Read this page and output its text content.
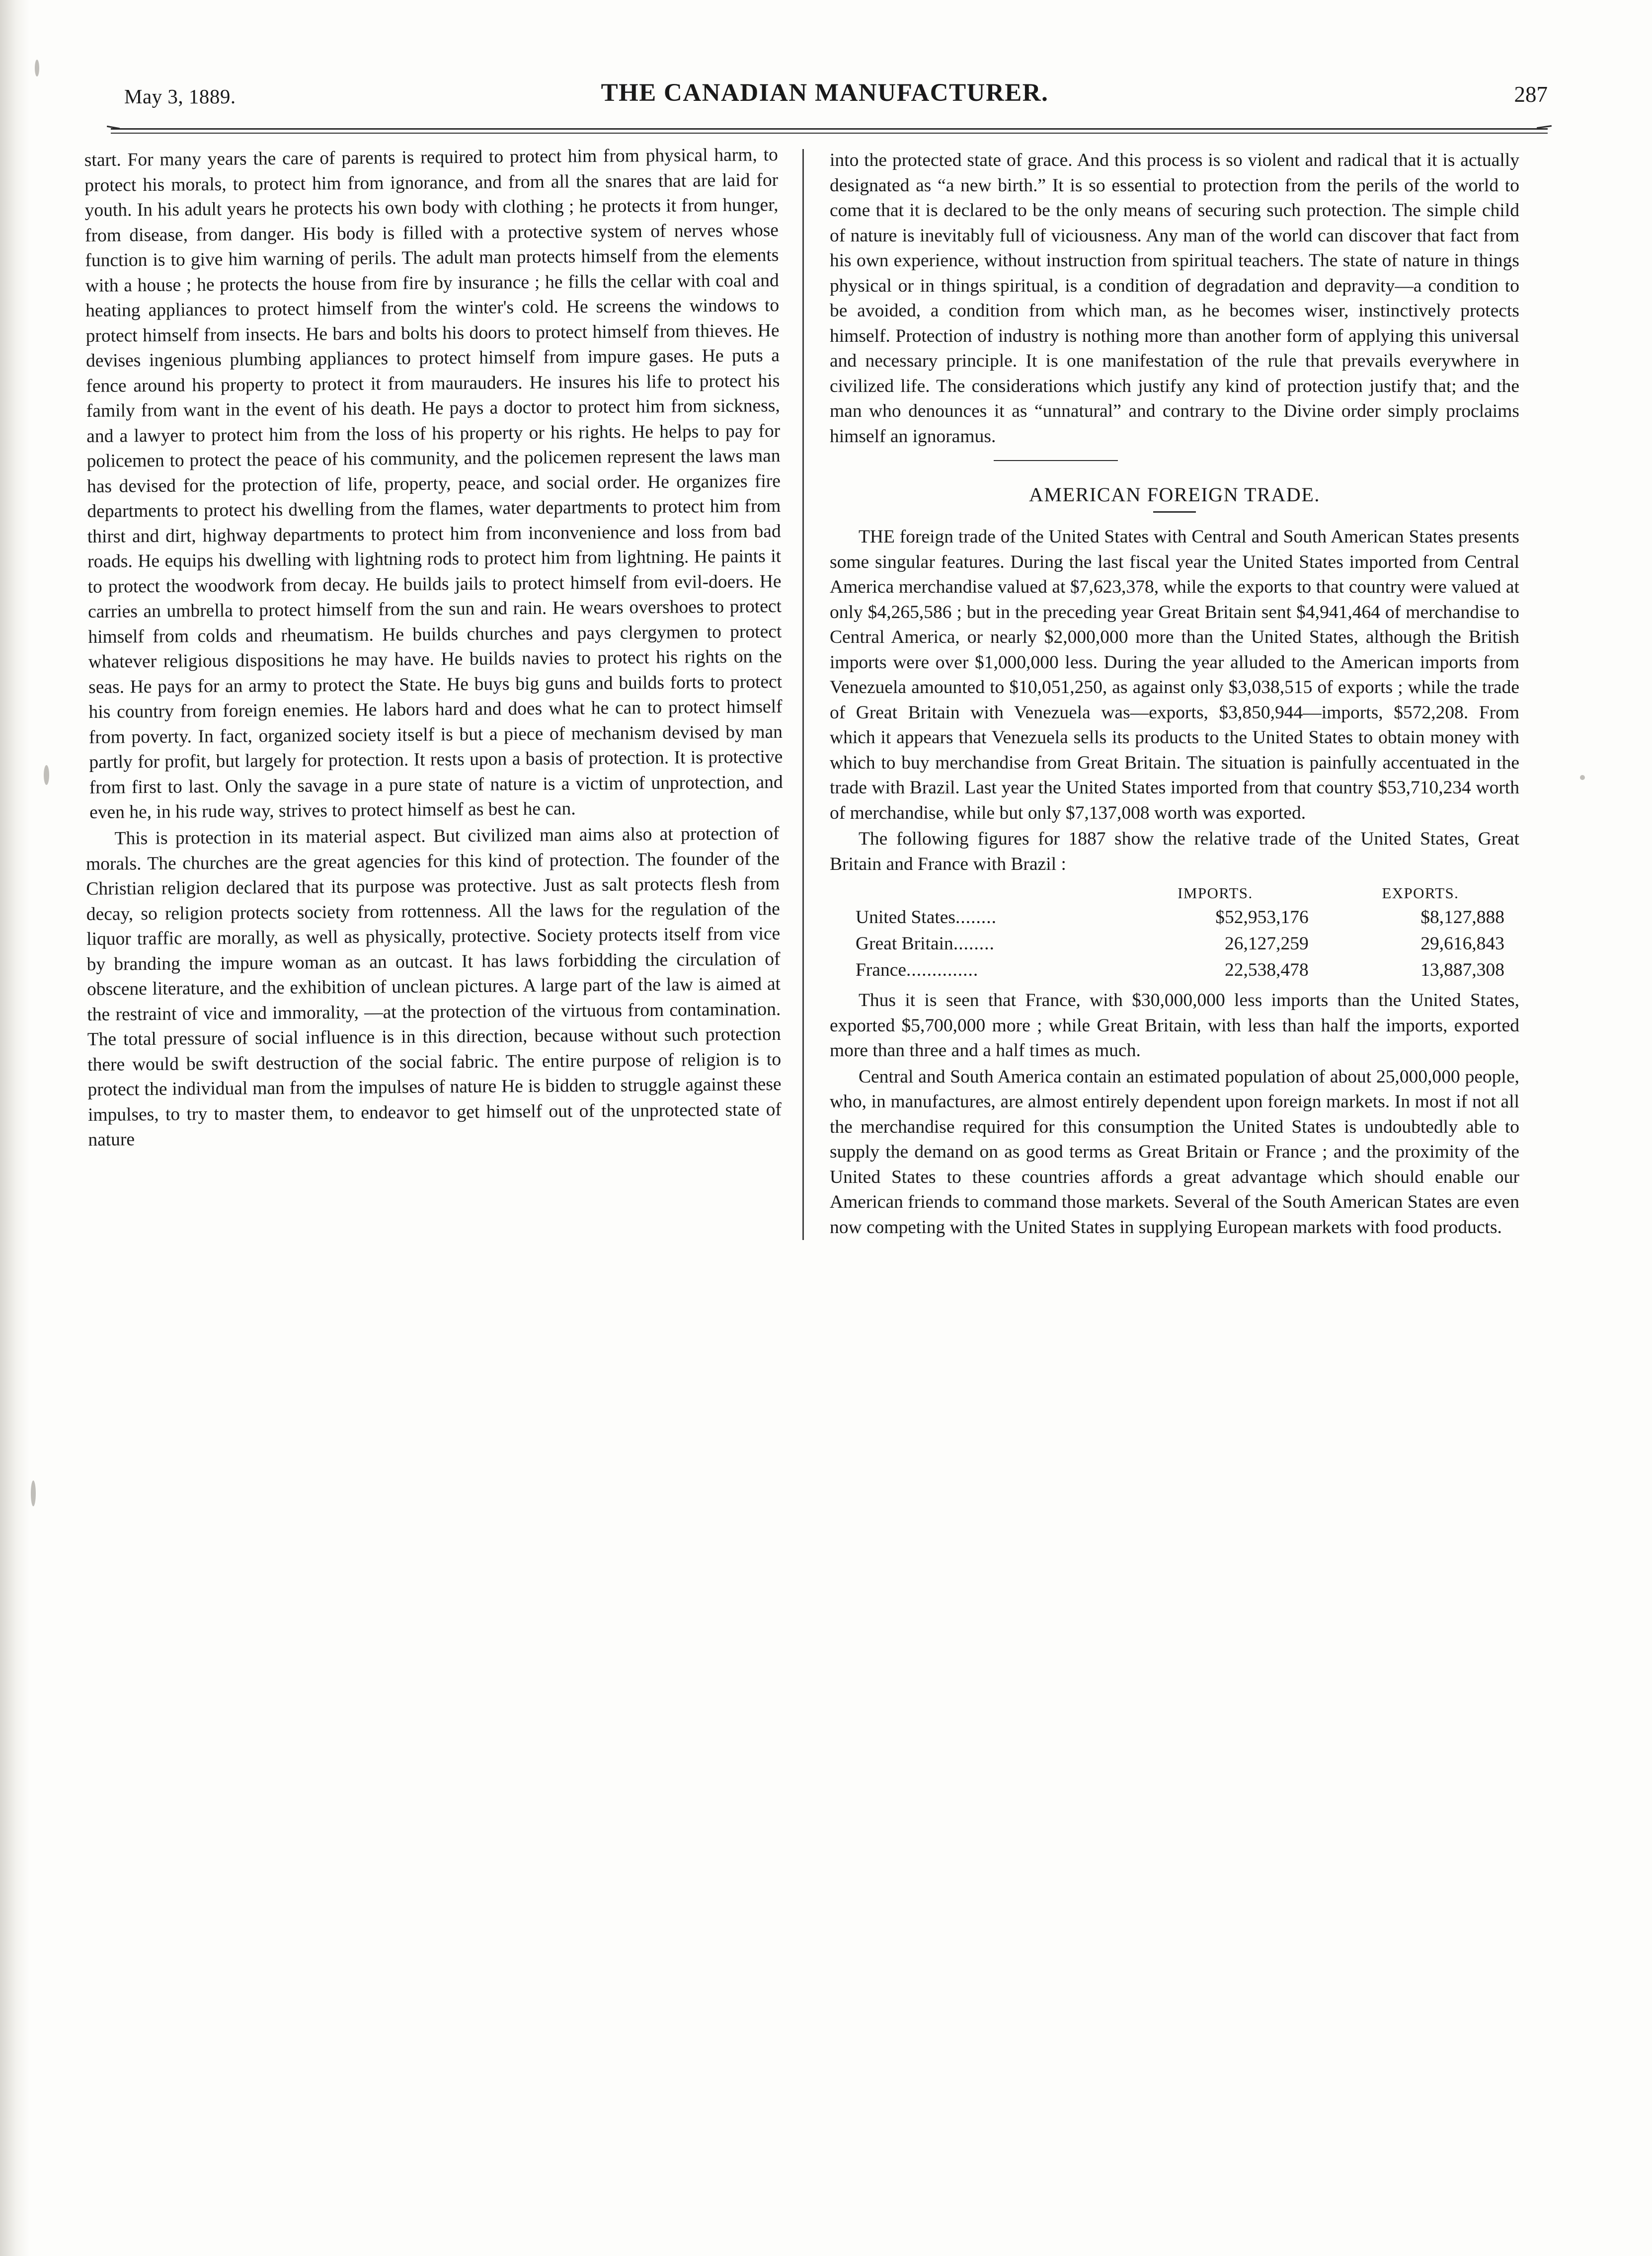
May 3, 1889.	THE CANADIAN MANUFACTURER.	287

start. For many years the care of parents is required to protect him from physical harm, to protect his morals, to protect him from ignorance, and from all the snares that are laid for youth. In his adult years he protects his own body with clothing ; he protects it from hunger, from disease, from danger. His body is filled with a protective system of nerves whose function is to give him warning of perils. The adult man protects himself from the elements with a house ; he protects the house from fire by insurance ; he fills the cellar with coal and heating appliances to protect himself from the winter's cold. He screens the windows to protect himself from insects. He bars and bolts his doors to protect himself from thieves. He devises ingenious plumbing appliances to protect himself from impure gases. He puts a fence around his property to protect it from maurauders. He insures his life to protect his family from want in the event of his death. He pays a doctor to protect him from sickness, and a lawyer to protect him from the loss of his property or his rights. He helps to pay for policemen to protect the peace of his community, and the policemen represent the laws man has devised for the protection of life, property, peace, and social order. He organizes fire departments to protect his dwelling from the flames, water departments to protect him from thirst and dirt, highway departments to protect him from inconvenience and loss from bad roads. He equips his dwelling with lightning rods to protect him from lightning. He paints it to protect the woodwork from decay. He builds jails to protect himself from evil-doers. He carries an umbrella to protect himself from the sun and rain. He wears overshoes to protect himself from colds and rheumatism. He builds churches and pays clergymen to protect whatever religious dispositions he may have. He builds navies to protect his rights on the seas. He pays for an army to protect the State. He buys big guns and builds forts to protect his country from foreign enemies. He labors hard and does what he can to protect himself from poverty. In fact, organized society itself is but a piece of mechanism devised by man partly for profit, but largely for protection. It rests upon a basis of protection. It is protective from first to last. Only the savage in a pure state of nature is a victim of unprotection, and even he, in his rude way, strives to protect himself as best he can.

This is protection in its material aspect. But civilized man aims also at protection of morals. The churches are the great agencies for this kind of protection. The founder of the Christian religion declared that its purpose was protective. Just as salt protects flesh from decay, so religion protects society from rottenness. All the laws for the regulation of the liquor traffic are morally, as well as physically, protective. Society protects itself from vice by branding the impure woman as an outcast. It has laws forbidding the circulation of obscene literature, and the exhibition of unclean pictures. A large part of the law is aimed at the restraint of vice and immorality, —at the protection of the virtuous from contamination. The total pressure of social influence is in this direction, because without such protection there would be swift destruction of the social fabric. The entire purpose of religion is to protect the individual man from the impulses of nature He is bidden to struggle against these impulses, to try to master them, to endeavor to get himself out of the unprotected state of nature

into the protected state of grace. And this process is so violent and radical that it is actually designated as “a new birth.” It is so essential to protection from the perils of the world to come that it is declared to be the only means of securing such protection. The simple child of nature is inevitably full of viciousness. Any man of the world can discover that fact from his own experience, without instruction from spiritual teachers. The state of nature in things physical or in things spiritual, is a condition of degradation and depravity—a condition to be avoided, a condition from which man, as he becomes wiser, instinctively protects himself. Protection of industry is nothing more than another form of applying this universal and necessary principle. It is one manifestation of the rule that prevails everywhere in civilized life. The considerations which justify any kind of protection justify that; and the man who denounces it as “unnatural” and contrary to the Divine order simply proclaims himself an ignoramus.

AMERICAN FOREIGN TRADE.

THE foreign trade of the United States with Central and South American States presents some singular features. During the last fiscal year the United States imported from Central America merchandise valued at $7,623,378, while the exports to that country were valued at only $4,265,586 ; but in the preceding year Great Britain sent $4,941,464 of merchandise to Central America, or nearly $2,000,000 more than the United States, although the British imports were over $1,000,000 less. During the year alluded to the American imports from Venezuela amounted to $10,051,250, as against only $3,038,515 of exports ; while the trade of Great Britain with Venezuela was—exports, $3,850,944—imports, $572,208. From which it appears that Venezuela sells its products to the United States to obtain money with which to buy merchandise from Great Britain. The situation is painfully accentuated in the trade with Brazil. Last year the United States imported from that country $53,710,234 worth of merchandise, while but only $7,137,008 worth was exported.

The following figures for 1887 show the relative trade of the United States, Great Britain and France with Brazil :

	IMPORTS.	EXPORTS.
United States........	$52,953,176	$8,127,888
Great Britain........	26,127,259	29,616,843
France..............	22,538,478	13,887,308

Thus it is seen that France, with $30,000,000 less imports than the United States, exported $5,700,000 more ; while Great Britain, with less than half the imports, exported more than three and a half times as much.

Central and South America contain an estimated population of about 25,000,000 people, who, in manufactures, are almost entirely dependent upon foreign markets. In most if not all the merchandise required for this consumption the United States is undoubtedly able to supply the demand on as good terms as Great Britain or France ; and the proximity of the United States to these countries affords a great advantage which should enable our American friends to command those markets. Several of the South American States are even now competing with the United States in supplying European markets with food products.
